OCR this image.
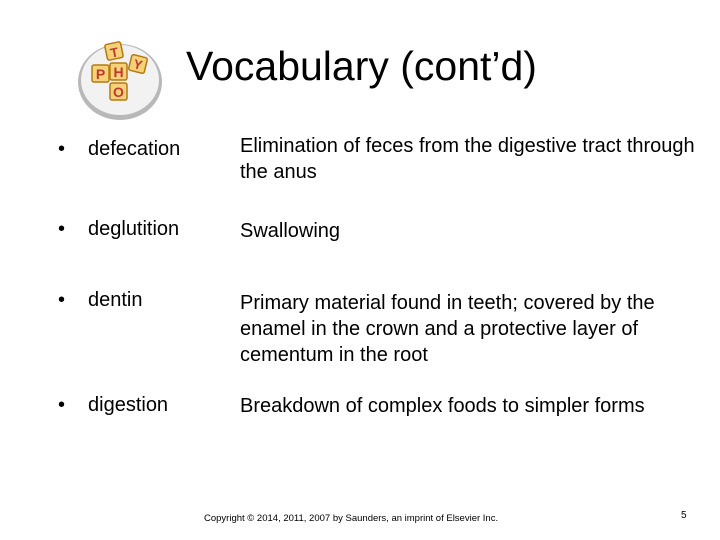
T
P H Y
O
Vocabulary (cont’d)
• defecation	Elimination of feces from the digestive tract through the anus
• deglutition	Swallowing
• dentin	Primary material found in teeth; covered by the enamel in the crown and a protective layer of cementum in the root
• digestion	Breakdown of complex foods to simpler forms
Copyright © 2014, 2011, 2007 by Saunders, an imprint of Elsevier Inc.	5
